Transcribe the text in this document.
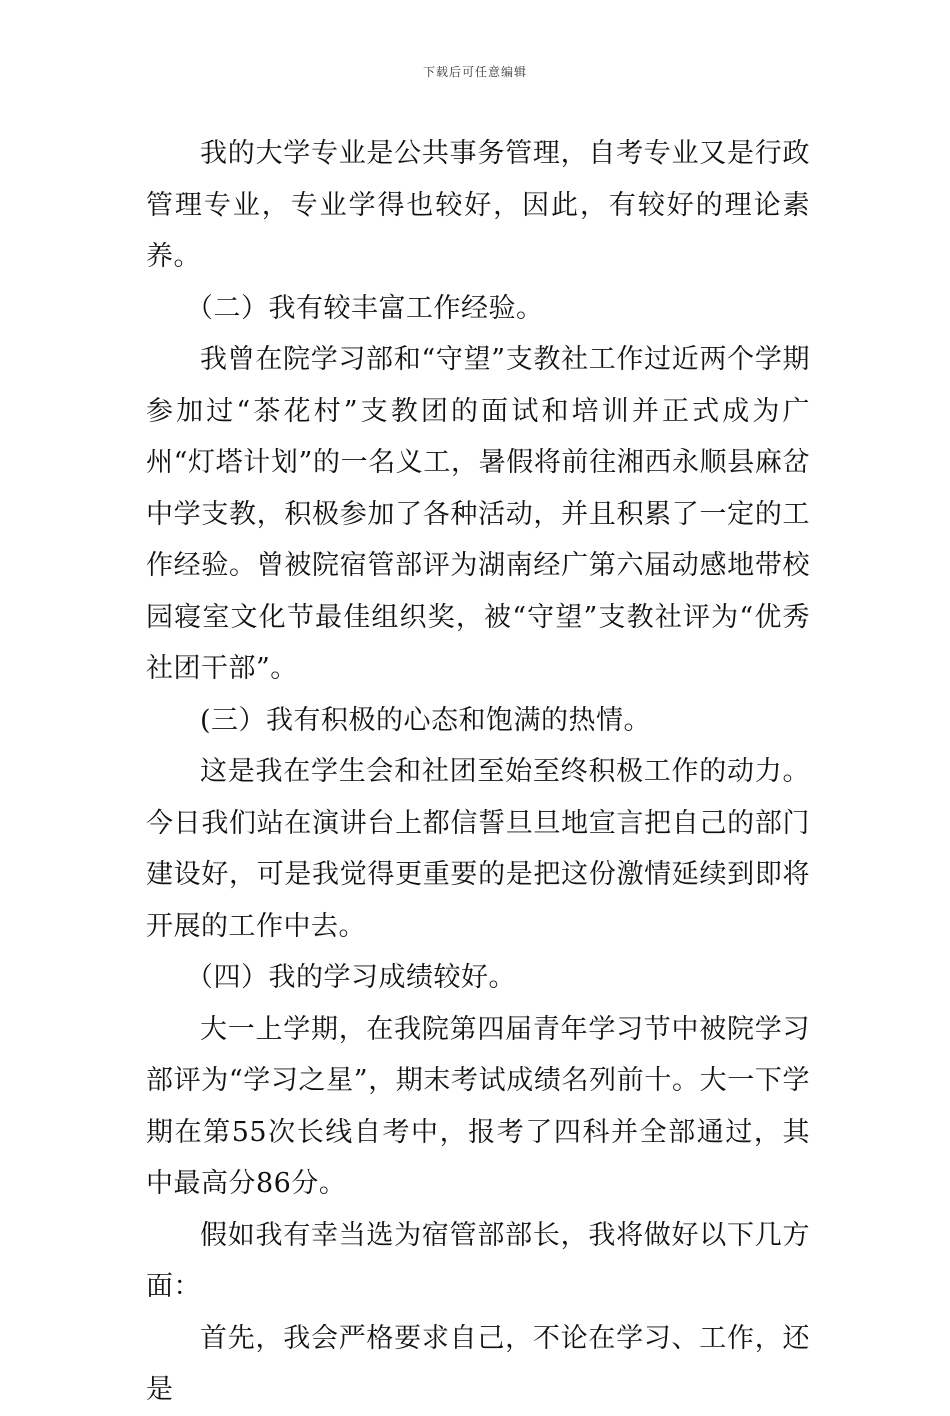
下载后可任意编辑

我的大学专业是公共事务管理，自考专业又是行政管理专业，专业学得也较好，因此，有较好的理论素养。

（二）我有较丰富工作经验。

我曾在院学习部和“守望”支教社工作过近两个学期参加过“茶花村”支教团的面试和培训并正式成为广州“灯塔计划”的一名义工，暑假将前往湘西永顺县麻岔中学支教，积极参加了各种活动，并且积累了一定的工作经验。曾被院宿管部评为湖南经广第六届动感地带校园寝室文化节最佳组织奖，被“守望”支教社评为“优秀社团干部”。

(三）我有积极的心态和饱满的热情。

这是我在学生会和社团至始至终积极工作的动力。今日我们站在演讲台上都信誓旦旦地宣言把自己的部门建设好，可是我觉得更重要的是把这份激情延续到即将开展的工作中去。

（四）我的学习成绩较好。

大一上学期，在我院第四届青年学习节中被院学习部评为“学习之星”，期末考试成绩名列前十。大一下学期在第55次长线自考中，报考了四科并全部通过，其中最高分86分。

假如我有幸当选为宿管部部长，我将做好以下几方面：

首先，我会严格要求自己，不论在学习、工作，还是
